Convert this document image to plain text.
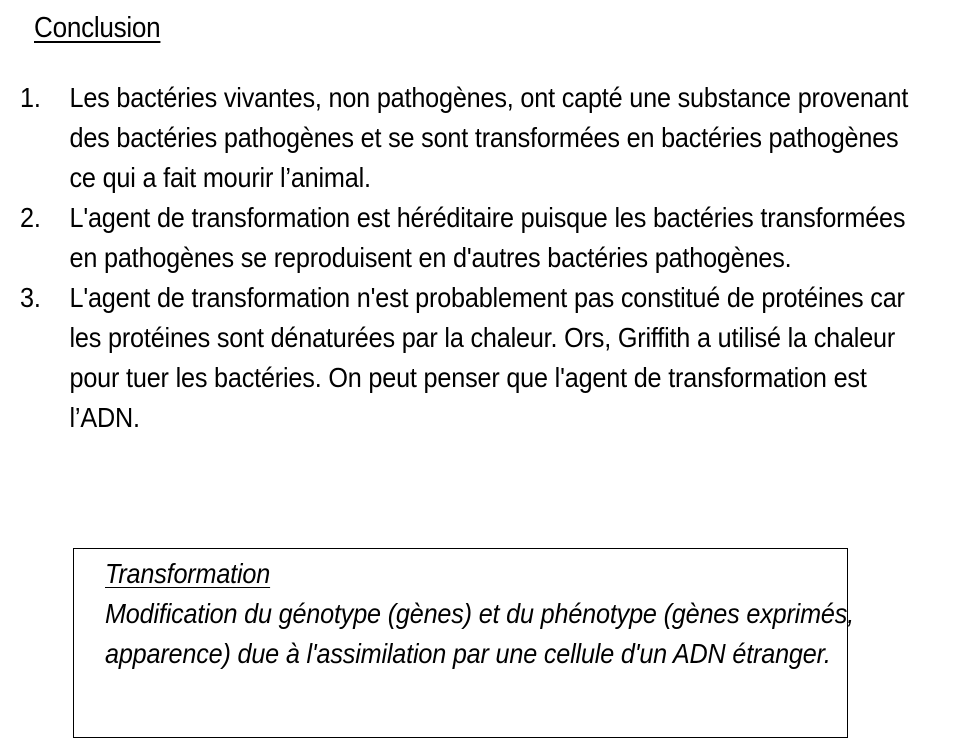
Conclusion
1. Les bactéries vivantes, non pathogènes, ont capté une substance provenant des bactéries pathogènes et se sont transformées en bactéries pathogènes ce qui a fait mourir l’animal.
2. L'agent de transformation est héréditaire puisque les bactéries transformées en pathogènes se reproduisent en d'autres bactéries pathogènes.
3. L'agent de transformation n'est probablement pas constitué de protéines car les protéines sont dénaturées par la chaleur. Ors, Griffith a utilisé la chaleur pour tuer les bactéries. On peut penser que l'agent de transformation est l’ADN.
Transformation
Modification du génotype (gènes) et du phénotype (gènes exprimés, apparence) due à l'assimilation par une cellule d'un ADN étranger.
